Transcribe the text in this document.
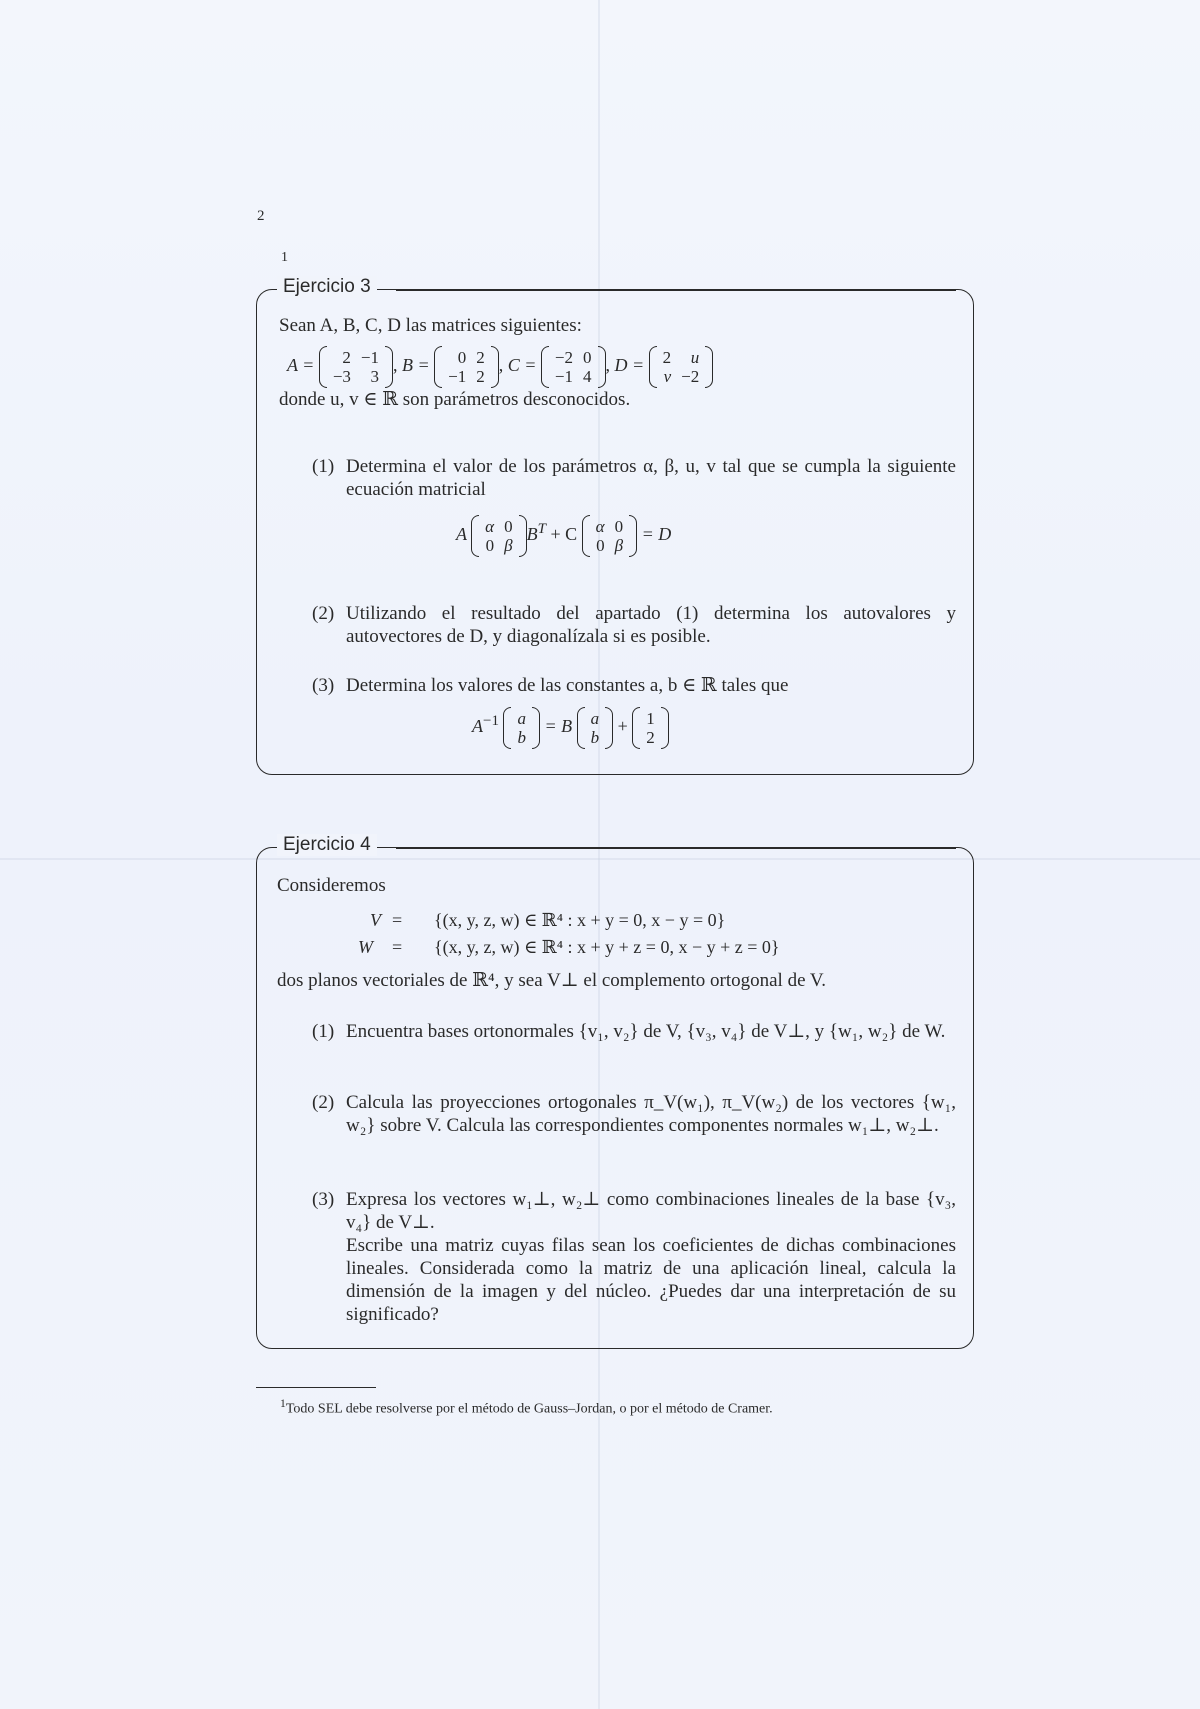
2
1
Ejercicio 3
Sean A, B, C, D las matrices siguientes:
A = 2	−1
−3	3
, B = 0	2
−1	2
, C = −2	0
−1	4
, D = 2	u
v	−2
donde u, v ∈ ℝ son parámetros desconocidos.
(1) Determina el valor de los parámetros α, β, u, v tal que se cumpla la siguiente ecuación matricial
A α	0
0	β
$B^T + C$ α	0
0	β
= D
(2) Utilizando el resultado del apartado (1) determina los autovalores y autovectores de D, y diagonalízala si es posible.
(3) Determina los valores de las constantes a, b ∈ ℝ tales que
$A^{-1}$ a
b
= B a
b
+ 1
2
Ejercicio 4
Consideremos
V = {(x, y, z, w) ∈ ℝ⁴ : x + y = 0, x − y = 0}
W = {(x, y, z, w) ∈ ℝ⁴ : x + y + z = 0, x − y + z = 0}
dos planos vectoriales de ℝ⁴, y sea V⊥ el complemento ortogonal de V.
(1) Encuentra bases ortonormales {v₁, v₂} de V, {v₃, v₄} de V⊥, y {w₁, w₂} de W.
(2) Calcula las proyecciones ortogonales π_V(w₁), π_V(w₂) de los vectores {w₁, w₂} sobre V. Calcula las correspondientes componentes normales w₁⊥, w₂⊥.
(3) Expresa los vectores w₁⊥, w₂⊥ como combinaciones lineales de la base {v₃, v₄} de V⊥.
Escribe una matriz cuyas filas sean los coeficientes de dichas combinaciones lineales. Considerada como la matriz de una aplicación lineal, calcula la dimensión de la imagen y del núcleo. ¿Puedes dar una interpretación de su significado?
$^1$Todo SEL debe resolverse por el método de Gauss–Jordan, o por el método de Cramer.
